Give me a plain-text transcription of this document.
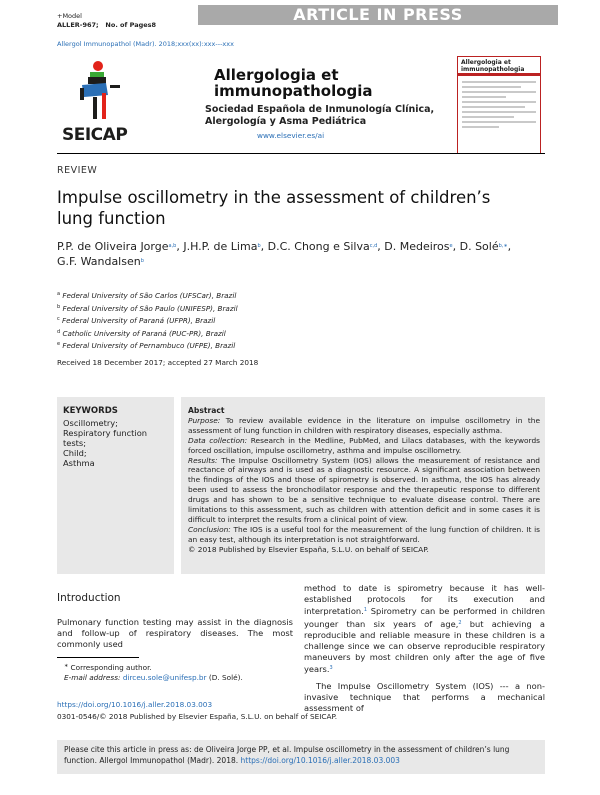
+Model
ALLER-967; No. of Pages8
ARTICLE IN PRESS
Allergol Immunopathol (Madr). 2018;xxx(xx):xxx---xxx
SEICAP
Allergologia et
immunopathologia
Sociedad Española de Inmunología Clínica,
Alergología y Asma Pediátrica
www.elsevier.es/ai
Allergologia et immunopathologia
REVIEW
Impulse oscillometry in the assessment of children’s
lung function
P.P. de Oliveira Jorge$^{a,b}$, J.H.P. de Lima$^b$, D.C. Chong e Silva$^{c,d}$, D. Medeiros$^e$, D. Solé$^{b,∗}$,
G.F. Wandalsen$^b$
$^a$ Federal University of São Carlos (UFSCar), Brazil
$^b$ Federal University of São Paulo (UNIFESP), Brazil
$^c$ Federal University of Paraná (UFPR), Brazil
$^d$ Catholic University of Paraná (PUC-PR), Brazil
$^e$ Federal University of Pernambuco (UFPE), Brazil
Received 18 December 2017; accepted 27 March 2018
KEYWORDS
Oscillometry;
Respiratory function
tests;
Child;
Asthma
Abstract
Purpose: To review available evidence in the literature on impulse oscillometry in the assessment of lung function in children with respiratory diseases, especially asthma.
Data collection: Research in the Medline, PubMed, and Lilacs databases, with the keywords forced oscillation, impulse oscillometry, asthma and impulse oscillometry.
Results: The Impulse Oscillometry System (IOS) allows the measurement of resistance and reactance of airways and is used as a diagnostic resource. A significant association between the findings of the IOS and those of spirometry is observed. In asthma, the IOS has already been used to assess the bronchodilator response and the therapeutic response to different drugs and has shown to be a sensitive technique to evaluate disease control. There are limitations to this assessment, such as children with attention deficit and in some cases it is difficult to interpret the results from a clinical point of view.
Conclusion: The IOS is a useful tool for the measurement of the lung function of children. It is an easy test, although its interpretation is not straightforward.
© 2018 Published by Elsevier España, S.L.U. on behalf of SEICAP.
Introduction
Pulmonary function testing may assist in the diagnosis and follow-up of respiratory diseases. The most commonly used
method to date is spirometry because it has well-established protocols for its execution and interpretation.$^1$ Spirometry can be performed in children younger than six years of age,$^2$ but achieving a reproducible and reliable measure in these children is a challenge since we can observe reproducible respiratory maneuvers by most children only after the age of five years.$^3$
The Impulse Oscillometry System (IOS) --- a non-invasive technique that performs a mechanical assessment of
∗ Corresponding author.
E-mail address: dirceu.sole@unifesp.br (D. Solé).
https://doi.org/10.1016/j.aller.2018.03.003
0301-0546/© 2018 Published by Elsevier España, S.L.U. on behalf of SEICAP.
Please cite this article in press as: de Oliveira Jorge PP, et al. Impulse oscillometry in the assessment of children’s lung function. Allergol Immunopathol (Madr). 2018. https://doi.org/10.1016/j.aller.2018.03.003
